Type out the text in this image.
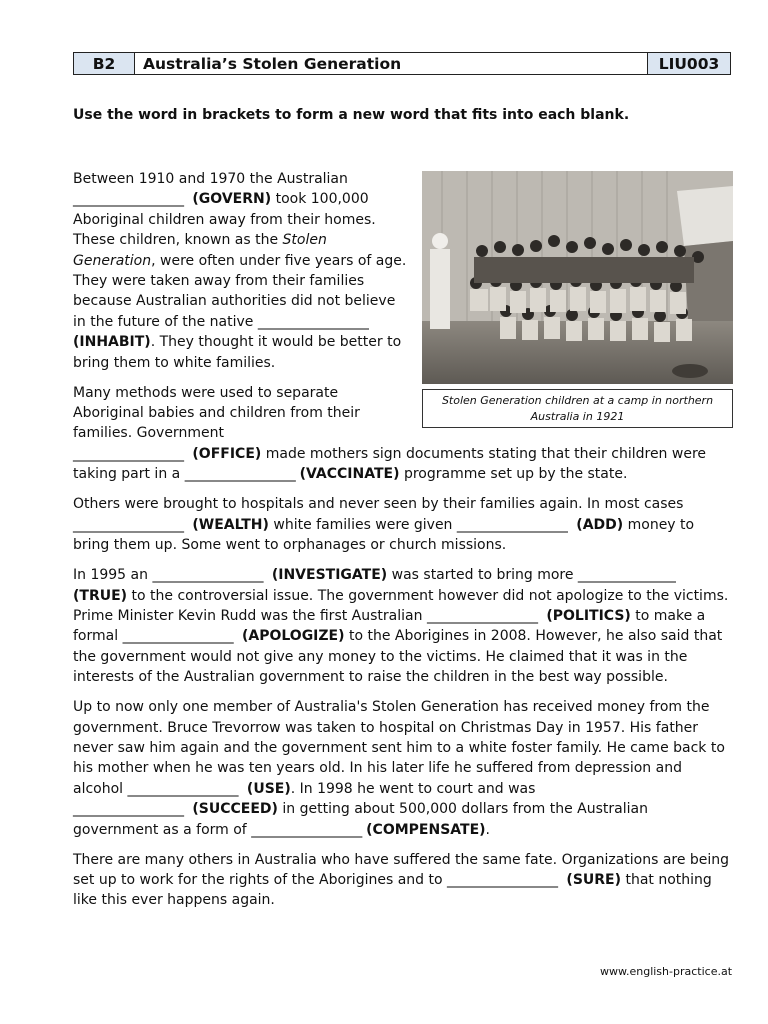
B2	Australia’s Stolen Generation	LIU003

Use the word in brackets to form a new word that fits into each blank.

Stolen Generation children at a camp in northern Australia in 1921

Between 1910 and 1970 the Australian _________________ (GOVERN) took 100,000 Aboriginal children away from their homes. These children, known as the Stolen Generation, were often under five years of age. They were taken away from their families because Australian authorities did not believe in the future of the native _________________ (INHABIT). They thought it would be better to bring them to white families.

Many methods were used to separate Aboriginal babies and children from their families. Government _________________ (OFFICE) made mothers sign documents stating that their children were taking part in a _________________ (VACCINATE) programme set up by the state.

Others were brought to hospitals and never seen by their families again. In most cases _________________ (WEALTH) white families were given _________________ (ADD) money to bring them up. Some went to orphanages or church missions.

In 1995 an _________________ (INVESTIGATE) was started to bring more _______________ (TRUE) to the controversial issue. The government however did not apologize to the victims. Prime Minister Kevin Rudd was the first Australian _________________ (POLITICS) to make a formal _________________ (APOLOGIZE) to the Aborigines in 2008. However, he also said that the government would not give any money to the victims. He claimed that it was in the interests of the Australian government to raise the children in the best way possible.

Up to now only one member of Australia's Stolen Generation has received money from the government. Bruce Trevorrow was taken to hospital on Christmas Day in 1957. His father never saw him again and the government sent him to a white foster family. He came back to his mother when he was ten years old. In his later life he suffered from depression and alcohol _________________ (USE). In 1998 he went to court and was _________________ (SUCCEED) in getting about 500,000 dollars from the Australian government as a form of _________________ (COMPENSATE).

There are many others in Australia who have suffered the same fate. Organizations are being set up to work for the rights of the Aborigines and to _________________ (SURE) that nothing like this ever happens again.

www.english-practice.at
